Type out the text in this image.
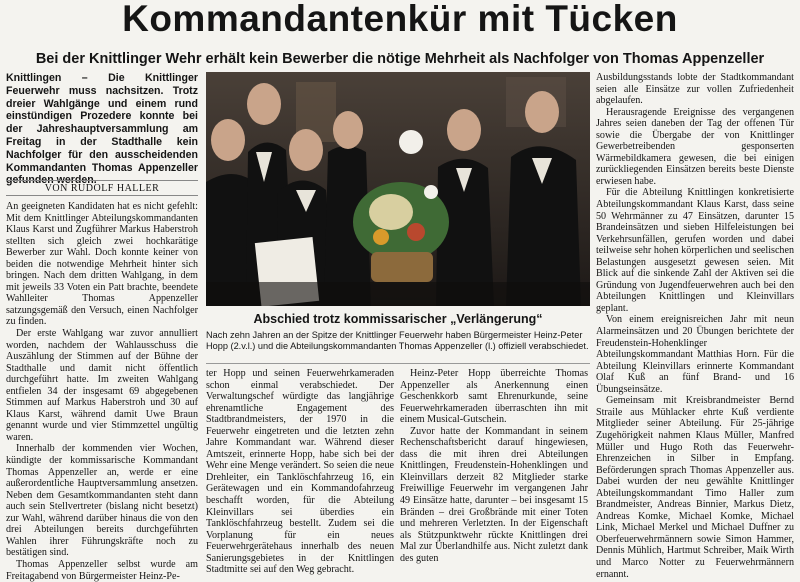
Kommandantenkür mit Tücken
Bei der Knittlinger Wehr erhält kein Bewerber die nötige Mehrheit als Nachfolger von Thomas Appenzeller
Knittlingen – Die Knittlinger Feuerwehr muss nachsitzen. Trotz dreier Wahlgänge und einem rund einstündigen Prozedere konnte bei der Jahreshauptversammlung am Freitag in der Stadthalle kein Nachfolger für den ausscheidenden Kommandanten Thomas Appenzeller gefunden werden.
VON RUDOLF HALLER

An geeigneten Kandidaten hat es nicht gefehlt: Mit dem Knittlinger Abteilungskommandanten Klaus Karst und Zugführer Markus Haberstroh stellten sich gleich zwei hochkarätige Bewerber zur Wahl. Doch konnte keiner von beiden die notwendige Mehrheit hinter sich bringen. Nach dem dritten Wahlgang, in dem mit jeweils 33 Voten ein Patt brachte, beendete Wahlleiter Thomas Appenzeller satzungsgemäß den Versuch, einen Nachfolger zu finden.

Der erste Wahlgang war zuvor annulliert worden, nachdem der Wahlausschuss die Auszählung der Stimmen auf der Bühne der Stadthalle und damit nicht öffentlich durchgeführt hatte. Im zweiten Wahlgang entfielen 34 der insgesamt 69 abgegebenen Stimmen auf Markus Haberstroh und 30 auf Klaus Karst, während damit Uwe Braun genannt wurde und vier Stimmzettel ungültig waren.

Innerhalb der kommenden vier Wochen, kündigte der kommissarische Kommandant Thomas Appenzeller an, werde er eine außerordentliche Hauptversammlung ansetzen. Neben dem Gesamtkommandanten steht dann auch sein Stellvertreter (bislang nicht besetzt) zur Wahl, während darüber hinaus die von den drei Abteilungen bereits durchgeführten Wahlen ihrer Führungskräfte noch zu bestätigen sind.

Thomas Appenzeller selbst wurde am Freitagabend von Bürgermeister Heinz-Pe-

Abschied trotz kommissarischer „Verlängerung“
Nach zehn Jahren an der Spitze der Knittlinger Feuerwehr haben Bürgermeister Heinz-Peter Hopp (2.v.l.) und die Abteilungskommandanten Thomas Appenzeller (l.) offiziell verabschiedet.

ter Hopp und seinen Feuerwehrkameraden schon einmal verabschiedet. Der Verwaltungschef würdigte das langjährige ehrenamtliche Engagement des Stadtbrandmeisters, der 1970 in die Feuerwehr eingetreten und die letzten zehn Jahre Kommandant war. Während dieser Amtszeit, erinnerte Hopp, habe sich bei der Wehr eine Menge verändert. So seien die neue Drehleiter, ein Tanklöschfahrzeug 16, ein Gerätewagen und ein Kommandofahrzeug beschafft worden, für die Abteilung Kleinvillars sei überdies ein Tanklöschfahrzeug bestellt. Zudem sei die Vorplanung für ein neues Feuerwehrgerätehaus innerhalb des neuen Sanierungsgebietes in der Knittlingen Stadtmitte sei auf den Weg gebracht.

Heinz-Peter Hopp überreichte Thomas Appenzeller als Anerkennung einen Geschenkkorb samt Ehrenurkunde, seine Feuerwehrkameraden überraschten ihn mit einem Musical-Gutschein.

Zuvor hatte der Kommandant in seinem Rechenschaftsbericht darauf hingewiesen, dass die mit ihren drei Abteilungen Knittlingen, Freudenstein-Hohenklingen und Kleinvillars derzeit 82 Mitglieder starke Freiwillige Feuerwehr im vergangenen Jahr 49 Einsätze hatte, darunter – bei insgesamt 15 Bränden – drei Großbrände mit einer Toten und mehreren Verletzten. In der Eigenschaft als Stützpunktwehr rückte Knittlingen drei Mal zur Überlandhilfe aus. Nicht zuletzt dank des guten

Ausbildungsstands lobte der Stadtkommandant seien alle Einsätze zur vollen Zufriedenheit abgelaufen.

Herausragende Ereignisse des vergangenen Jahres seien daneben der Tag der offenen Tür sowie die Übergabe der von Knittlinger Gewerbetreibenden gesponserten Wärmebildkamera gewesen, die bei einigen zurückliegenden Einsätzen bereits beste Dienste erwiesen habe.

Für die Abteilung Knittlingen konkretisierte Abteilungskommandant Klaus Karst, dass seine 50 Wehrmänner zu 47 Einsätzen, darunter 15 Brandeinsätzen und sieben Hilfeleistungen bei Verkehrsunfällen, gerufen worden und dabei teilweise sehr hohen körperlichen und seelischen Belastungen ausgesetzt gewesen seien. Mit Blick auf die sinkende Zahl der Aktiven sei die Gründung von Jugendfeuerwehren auch bei den Abteilungen Knittlingen und Kleinvillars geplant.

Von einem ereignisreichen Jahr mit neun Alarmeinsätzen und 20 Übungen berichtete der Freudenstein-Hohenklinger Abteilungskommandant Matthias Horn. Für die Abteilung Kleinvillars erinnerte Kommandant Olaf Kuß an fünf Brand- und 16 Übungseinsätze.

Gemeinsam mit Kreisbrandmeister Bernd Straile aus Mühlacker ehrte Kuß verdiente Mitglieder seiner Abteilung. Für 25-jährige Zugehörigkeit nahmen Klaus Müller, Manfred Müller und Hugo Roth das Feuerwehr-Ehrenzeichen in Silber in Empfang. Beförderungen sprach Thomas Appenzeller aus. Dabei wurden der neu gewählte Knittlinger Abteilungskommandant Timo Haller zum Brandmeister, Andreas Binnier, Markus Dietz, Andreas Komke, Michael Komke, Michael Link, Michael Merkel und Michael Duffner zu Oberfeuerwehrmännern sowie Simon Hammer, Dennis Mühlich, Hartmut Schreiber, Maik Wirth und Marco Notter zu Feuerwehrmännern ernannt.
